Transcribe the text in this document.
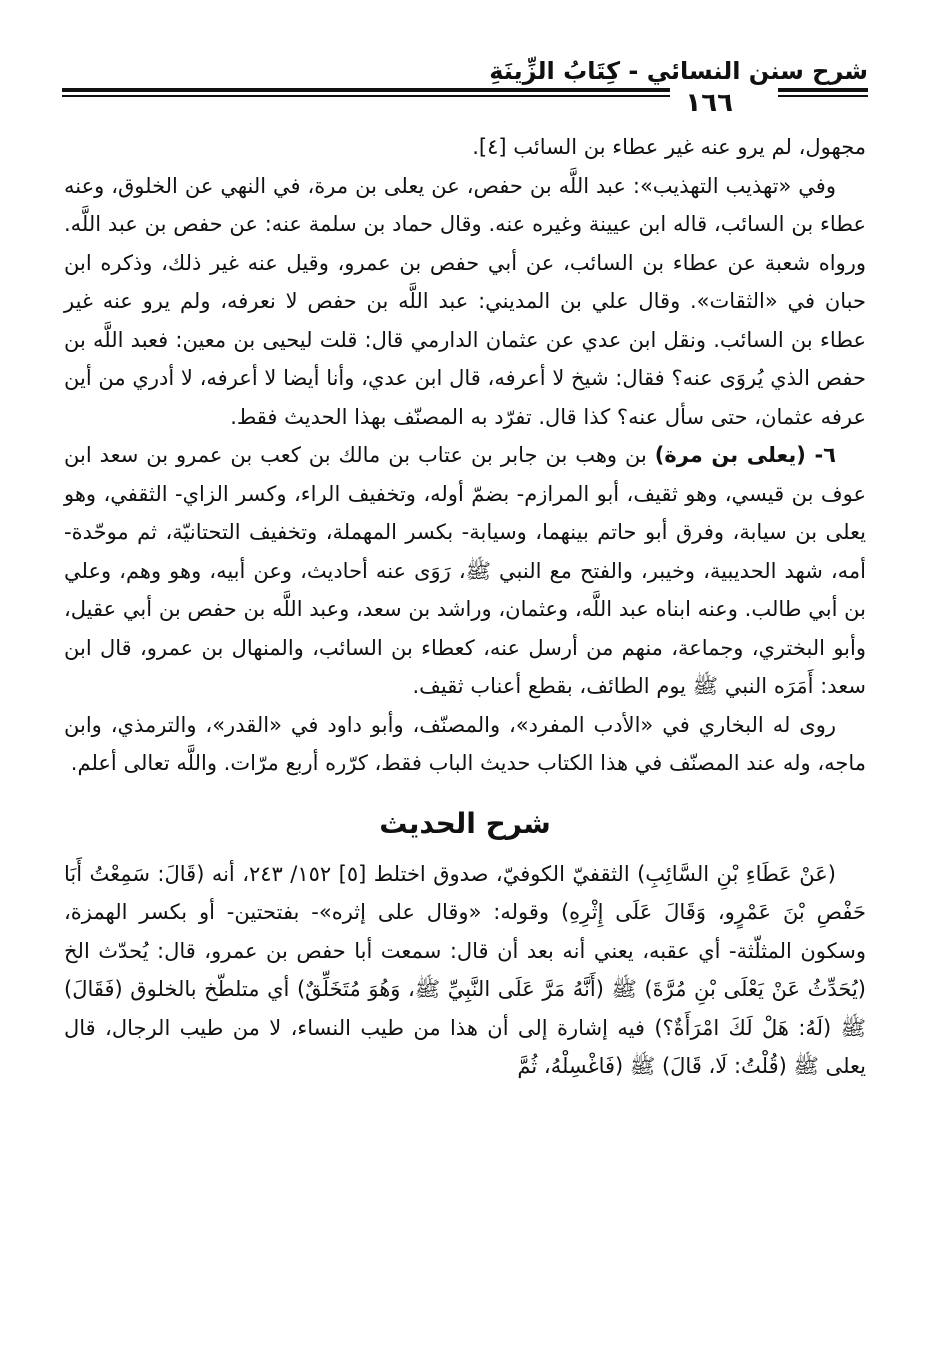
شرح سنن النسائي - كِتَابُ الزِّينَةِ
١٦٦

مجهول، لم يرو عنه غير عطاء بن السائب [٤].

وفي «تهذيب التهذيب»: عبد اللَّه بن حفص، عن يعلى بن مرة، في النهي عن الخلوق، وعنه عطاء بن السائب، قاله ابن عيينة وغيره عنه. وقال حماد بن سلمة عنه: عن حفص بن عبد اللَّه. ورواه شعبة عن عطاء بن السائب، عن أبي حفص بن عمرو، وقيل عنه غير ذلك، وذكره ابن حبان في «الثقات». وقال علي بن المديني: عبد اللَّه بن حفص لا نعرفه، ولم يرو عنه غير عطاء بن السائب. ونقل ابن عدي عن عثمان الدارمي قال: قلت ليحيى بن معين: فعبد اللَّه بن حفص الذي يُروَى عنه؟ فقال: شيخ لا أعرفه، قال ابن عدي، وأنا أيضا لا أعرفه، لا أدري من أين عرفه عثمان، حتى سأل عنه؟ كذا قال. تفرّد به المصنّف بهذا الحديث فقط.

٦- (يعلى بن مرة) بن وهب بن جابر بن عتاب بن مالك بن كعب بن عمرو بن سعد ابن عوف بن قيسي، وهو ثقيف، أبو المرازم- بضمّ أوله، وتخفيف الراء، وكسر الزاي- الثقفي، وهو يعلى بن سيابة، وفرق أبو حاتم بينهما، وسيابة- بكسر المهملة، وتخفيف التحتانيّة، ثم موحّدة- أمه، شهد الحديبية، وخيبر، والفتح مع النبي ﷺ، رَوَى عنه أحاديث، وعن أبيه، وهو وهم، وعلي بن أبي طالب. وعنه ابناه عبد اللَّه، وعثمان، وراشد بن سعد، وعبد اللَّه بن حفص بن أبي عقيل، وأبو البختري، وجماعة، منهم من أرسل عنه، كعطاء بن السائب، والمنهال بن عمرو، قال ابن سعد: أَمَرَه النبي ﷺ يوم الطائف، بقطع أعناب ثقيف.

روى له البخاري في «الأدب المفرد»، والمصنّف، وأبو داود في «القدر»، والترمذي، وابن ماجه، وله عند المصنّف في هذا الكتاب حديث الباب فقط، كرّره أربع مرّات. واللَّه تعالى أعلم.

شرح الحديث

(عَنْ عَطَاءِ بْنِ السَّائِبِ) الثقفيّ الكوفيّ، صدوق اختلط [٥] ١٥٢/ ٢٤٣، أنه (قَالَ: سَمِعْتُ أَبَا حَفْصِ بْنَ عَمْرٍو، وَقَالَ عَلَى إِثْرِهِ) وقوله: «وقال على إثره»- بفتحتين- أو بكسر الهمزة، وسكون المثلّثة- أي عقبه، يعني أنه بعد أن قال: سمعت أبا حفص بن عمرو، قال: يُحدّث الخ (يُحَدِّثُ عَنْ يَعْلَى بْنِ مُرَّةَ) ﷺ (أَنَّهُ مَرَّ عَلَى النَّبِيِّ ﷺ، وَهُوَ مُتَخَلِّقٌ) أي متلطّخ بالخلوق (فَقَالَ) ﷺ (لَهُ: هَلْ لَكَ امْرَأَةٌ؟) فيه إشارة إلى أن هذا من طيب النساء، لا من طيب الرجال، قال يعلى ﷺ (قُلْتُ: لَا، قَالَ) ﷺ (فَاغْسِلْهُ، ثُمَّ
